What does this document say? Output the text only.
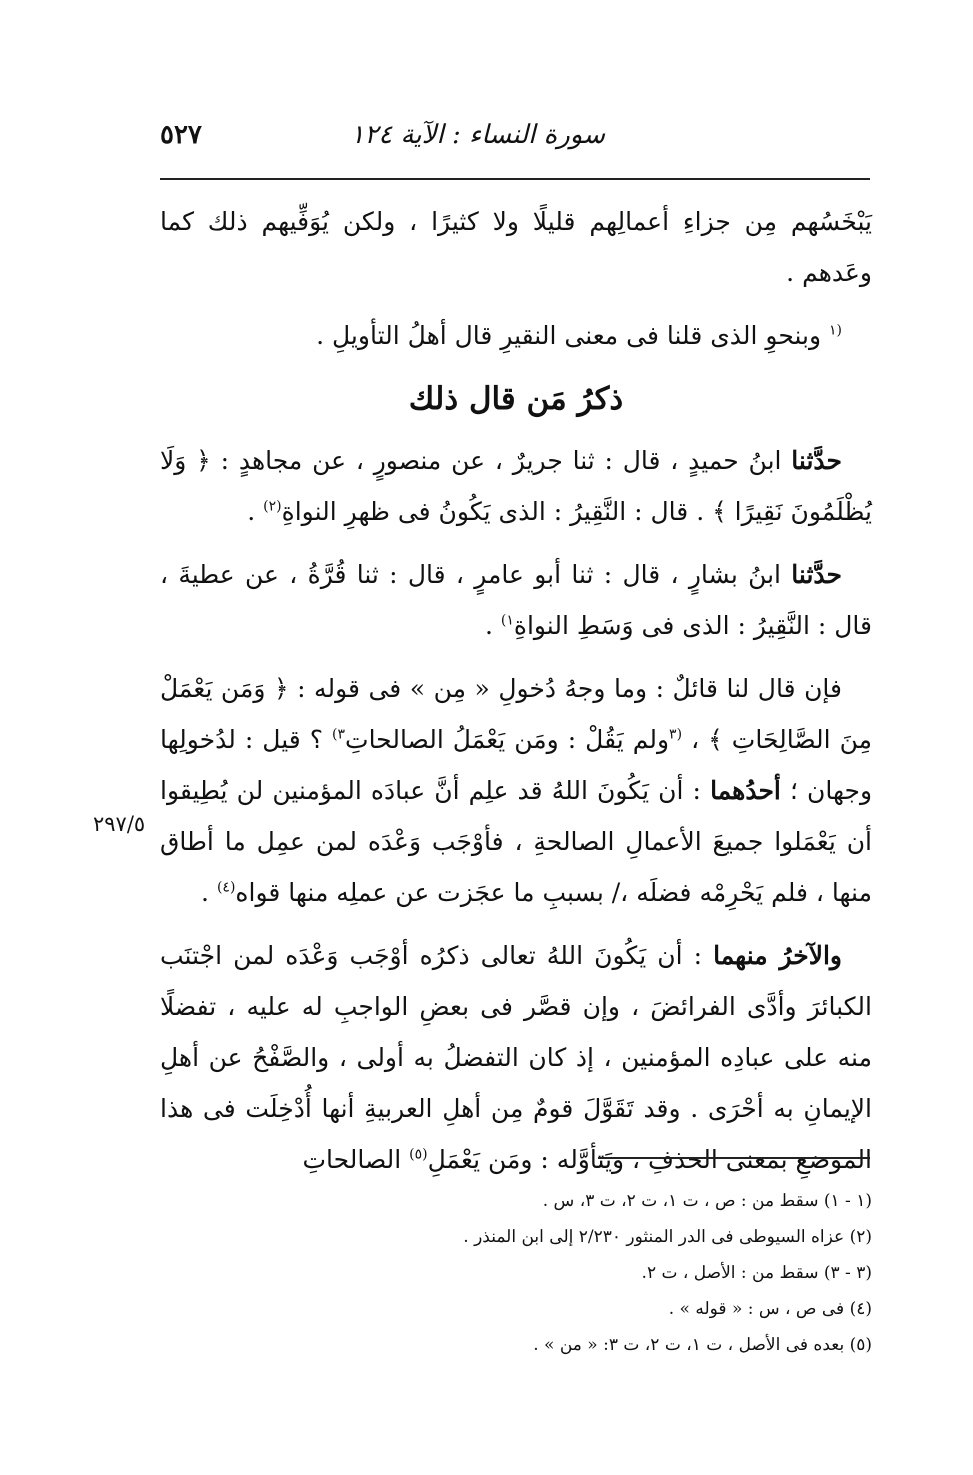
سورة النساء : الآية ١٢٤
٥٢٧

يَبْخَسُهم مِن جزاءِ أعمالِهم قليلًا ولا كثيرًا ، ولكن يُوَفِّيهم ذلك كما وعَدهم .

$^{(١}$ وبنحوِ الذى قلنا فى معنى النقيرِ قال أهلُ التأويلِ .

ذكرُ مَن قال ذلك

حدَّثنا ابنُ حميدٍ ، قال : ثنا جريرٌ ، عن منصورٍ ، عن مجاهدٍ : ﴿ وَلَا يُظْلَمُونَ نَقِيرًا ﴾ . قال : النَّقِيرُ : الذى يَكُونُ فى ظهرِ النواةِ$^{(٢)}$ .

حدَّثنا ابنُ بشارٍ ، قال : ثنا أبو عامرٍ ، قال : ثنا قُرَّةُ ، عن عطيةَ ، قال : النَّقِيرُ : الذى فى وَسَطِ النواةِ$^{١)}$ .

فإن قال لنا قائلٌ : وما وجهُ دُخولِ « مِن » فى قوله : ﴿ وَمَن يَعْمَلْ مِنَ الصَّالِحَاتِ ﴾ ، $^{(٣}$ولم يَقُلْ : ومَن يَعْمَلُ الصالحاتِ$^{٣)}$ ؟ قيل : لدُخولِها وجهان ؛ أحدُهما : أن يَكُونَ اللهُ قد علِم أنَّ عبادَه المؤمنين لن يُطِيقوا أن يَعْمَلوا جميعَ الأعمالِ الصالحةِ ، فأوْجَب وَعْدَه لمن عمِل ما أطاق منها ، فلم يَحْرِمْه فضلَه ،/ بسببِ ما عجَزت عن عملِه منها قواه$^{(٤)}$ .

والآخرُ منهما : أن يَكُونَ اللهُ تعالى ذكرُه أوْجَب وَعْدَه لمن اجْتنَب الكبائرَ وأدَّى الفرائضَ ، وإن قصَّر فى بعضِ الواجبِ له عليه ، تفضلًا منه على عبادِه المؤمنين ، إذ كان التفضلُ به أولى ، والصَّفْحُ عن أهلِ الإيمانِ به أحْرَى . وقد تَقَوَّلَ قومٌ مِن أهلِ العربيةِ أنها أُدْخِلَت فى هذا الموضعِ بمعنى الحذفِ ، ويَتأوَّله : ومَن يَعْمَلِ$^{(٥)}$ الصالحاتِ

٢٩٧/٥

(١ - ١) سقط من : ص ، ت ١، ت ٢، ت ٣، س .

(٢) عزاه السيوطى فى الدر المنثور ٢/٢٣٠ إلى ابن المنذر .

(٣ - ٣) سقط من : الأصل ، ت ٢.

(٤) فى ص ، س : « قوله » .

(٥) بعده فى الأصل ، ت ١، ت ٢، ت ٣: « من » .
